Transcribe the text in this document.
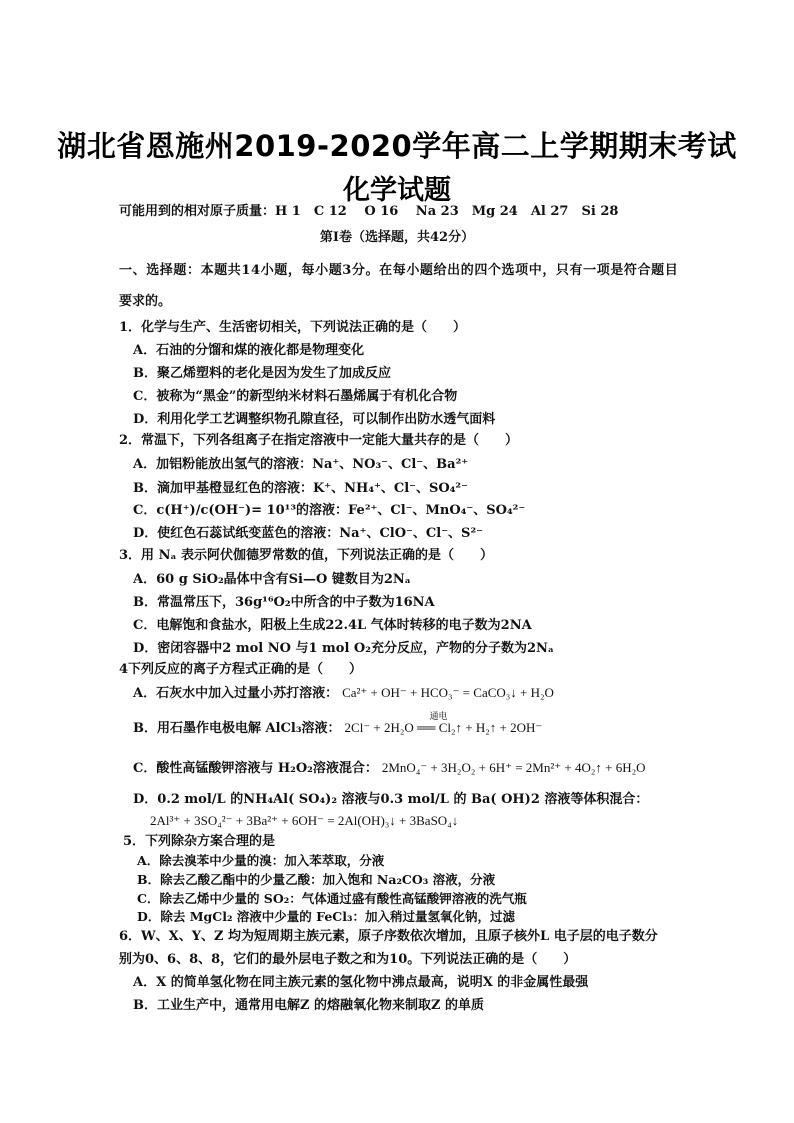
湖北省恩施州2019-2020学年高二上学期期末考试
化学试题
可能用到的相对原子质量：H 1　C 12　 O 16　 Na 23　Mg 24　Al 27　Si 28
第Ⅰ卷（选择题，共42分）
一、选择题：本题共14小题，每小题3分。在每小题给出的四个选项中，只有一项是符合题目
要求的。
1．化学与生产、生活密切相关，下列说法正确的是（　　）
A．石油的分馏和煤的液化都是物理变化
B．聚乙烯塑料的老化是因为发生了加成反应
C．被称为“黑金”的新型纳米材料石墨烯属于有机化合物
D．利用化学工艺调整织物孔隙直径，可以制作出防水透气面料
2．常温下，下列各组离子在指定溶液中一定能大量共存的是（　　）
A．加铝粉能放出氢气的溶液：Na⁺、NO₃⁻、Cl⁻、Ba²⁺
B．滴加甲基橙显红色的溶液：K⁺、NH₄⁺、Cl⁻、SO₄²⁻
C．c(H⁺)/c(OH⁻)= 10¹³的溶液：Fe²⁺、Cl⁻、MnO₄⁻、SO₄²⁻
D．使红色石蕊试纸变蓝色的溶液：Na⁺、ClO⁻、Cl⁻、S²⁻
3．用 Nₐ 表示阿伏伽德罗常数的值，下列说法正确的是（　　）
A．60 g SiO₂晶体中含有Si—O 键数目为2Nₐ
B．常温常压下，36g¹⁶O₂中所含的中子数为16NA
C．电解饱和食盐水，阳极上生成22.4L 气体时转移的电子数为2NA
D．密闭容器中2 mol NO 与1 mol O₂充分反应，产物的分子数为2Nₐ
4下列反应的离子方程式正确的是（　　）
A．石灰水中加入过量小苏打溶液： Ca²⁺ + OH⁻ + HCO₃⁻ = CaCO₃↓ + H₂O
B．用石墨作电极电解 AlCl₃溶液：
通电
2Cl⁻ + 2H₂O ══ Cl₂↑ + H₂↑ + 2OH⁻
C．酸性高锰酸钾溶液与 H₂O₂溶液混合： 2MnO₄⁻ + 3H₂O₂ + 6H⁺ = 2Mn²⁺ + 4O₂↑ + 6H₂O
D．0.2 mol/L 的NH₄Al( SO₄)₂ 溶液与0.3 mol/L 的 Ba( OH)2 溶液等体积混合：
2Al³⁺ + 3SO₄²⁻ + 3Ba²⁺ + 6OH⁻ = 2Al(OH)₃↓ + 3BaSO₄↓
5．下列除杂方案合理的是
A．除去溴苯中少量的溴：加入苯萃取，分液
B．除去乙酸乙酯中的少量乙酸：加入饱和 Na₂CO₃ 溶液，分液
C．除去乙烯中少量的 SO₂：气体通过盛有酸性高锰酸钾溶液的洗气瓶
D．除去 MgCl₂ 溶液中少量的 FeCl₃：加入稍过量氢氧化钠，过滤
6．W、X、Y、Z 均为短周期主族元素，原子序数依次增加，且原子核外L 电子层的电子数分
别为0、6、8、8，它们的最外层电子数之和为10。下列说法正确的是（　　）
A．X 的简单氢化物在同主族元素的氢化物中沸点最高，说明X 的非金属性最强
B．工业生产中，通常用电解Z 的熔融氧化物来制取Z 的单质
